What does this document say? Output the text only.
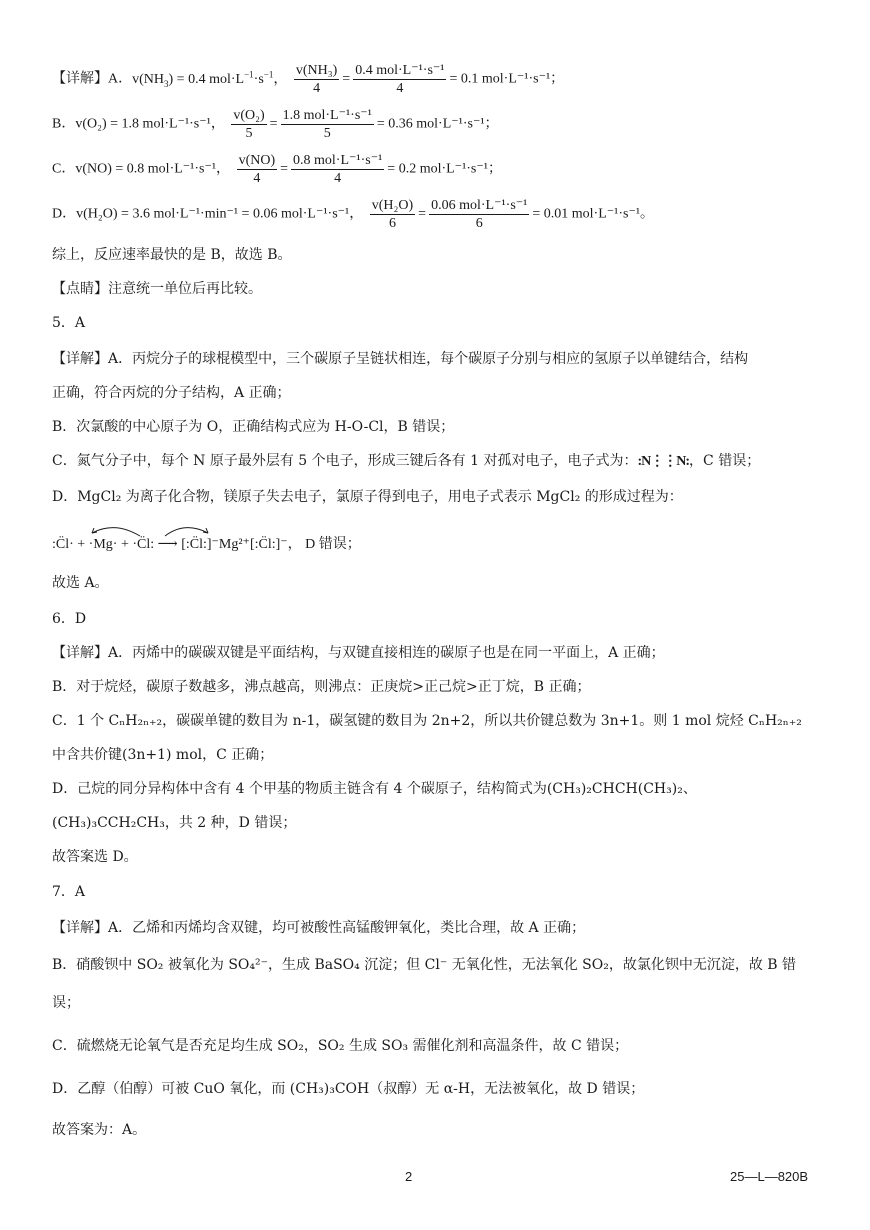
【详解】A．$v(NH_3) = 0.4$ $mol\cdot L^{-1}\cdot s^{-1}$， $\frac{\text{v(NH₃)}}{4} = \frac{\text{0.4 mol·L⁻¹·s⁻¹}}{4} = 0.1$ mol·L⁻¹·s⁻¹；
B．v(O₂) = 1.8 mol·L⁻¹·s⁻¹， $\frac{\text{v(O₂)}}{5} = \frac{\text{1.8 mol·L⁻¹·s⁻¹}}{5} = 0.36$ mol·L⁻¹·s⁻¹；
C．v(NO) = 0.8 mol·L⁻¹·s⁻¹， $\frac{v(NO)}{4} = \frac{\text{0.8 mol·L⁻¹·s⁻¹}}{4} = 0.2$ mol·L⁻¹·s⁻¹；
D．v(H₂O) = 3.6 mol·L⁻¹·min⁻¹ = 0.06 mol·L⁻¹·s⁻¹， $\frac{\text{v(H₂O)}}{6} = \frac{\text{0.06 mol·L⁻¹·s⁻¹}}{6} = 0.01$ mol·L⁻¹·s⁻¹。
综上，反应速率最快的是 B，故选 B。
【点睛】注意统一单位后再比较。
5．A
【详解】A．丙烷分子的球棍模型中，三个碳原子呈链状相连，每个碳原子分别与相应的氢原子以单键结合，结构
正确，符合丙烷的分子结构，A 正确；
B．次氯酸的中心原子为 O，正确结构式应为 H-O-Cl，B 错误；
C．氮气分子中，每个 N 原子最外层有 5 个电子，形成三键后各有 1 对孤对电子，电子式为：:N⋮⋮N:，C 错误；
D．MgCl₂ 为离子化合物，镁原子失去电子，氯原子得到电子，用电子式表示 MgCl₂ 的形成过程为：
:C̈l· + ·Mg· + ·C̈l: ⟶ [:C̈l:]⁻Mg²⁺[:C̈l:]⁻， D 错误；
故选 A。
6．D
【详解】A．丙烯中的碳碳双键是平面结构，与双键直接相连的碳原子也是在同一平面上，A 正确；
B．对于烷烃，碳原子数越多，沸点越高，则沸点：正庚烷>正己烷>正丁烷，B 正确；
C．1 个 CₙH₂ₙ₊₂，碳碳单键的数目为 n-1，碳氢键的数目为 2n+2，所以共价键总数为 3n+1。则 1 mol 烷烃 CₙH₂ₙ₊₂
中含共价键(3n+1) mol，C 正确；
D．己烷的同分异构体中含有 4 个甲基的物质主链含有 4 个碳原子，结构简式为(CH₃)₂CHCH(CH₃)₂、
(CH₃)₃CCH₂CH₃，共 2 种，D 错误；
故答案选 D。
7．A
【详解】A．乙烯和丙烯均含双键，均可被酸性高锰酸钾氧化，类比合理，故 A 正确；
B．硝酸钡中 SO₂ 被氧化为 SO₄²⁻，生成 BaSO₄ 沉淀；但 Cl⁻ 无氧化性，无法氧化 SO₂，故氯化钡中无沉淀，故 B 错
误；
C．硫燃烧无论氧气是否充足均生成 SO₂，SO₂ 生成 SO₃ 需催化剂和高温条件，故 C 错误；
D．乙醇（伯醇）可被 CuO 氧化，而 (CH₃)₃COH（叔醇）无 α-H，无法被氧化，故 D 错误；
故答案为：A。
2	25—L—820B
